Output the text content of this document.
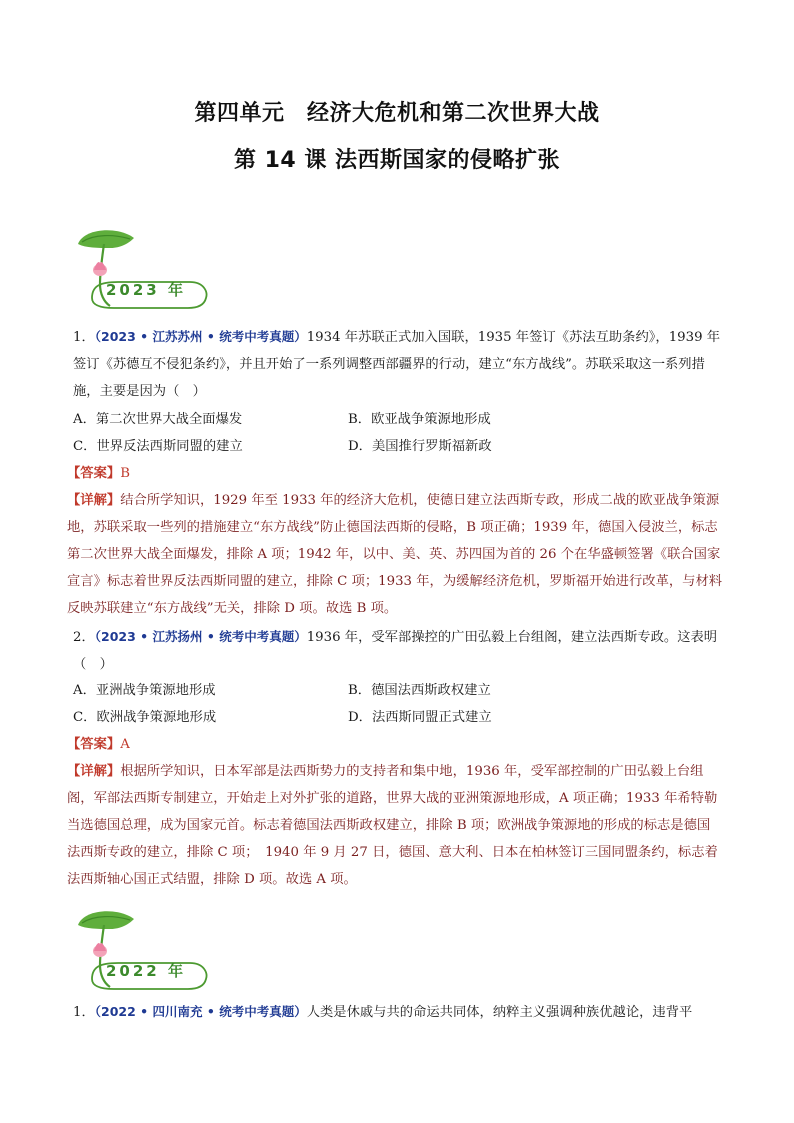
第四单元　经济大危机和第二次世界大战
第 14 课 法西斯国家的侵略扩张
2023 年
1．（2023 • 江苏苏州 • 统考中考真题）1934 年苏联正式加入国联，1935 年签订《苏法互助条约》，1939 年签订《苏德互不侵犯条约》，并且开始了一系列调整西部疆界的行动，建立“东方战线”。苏联采取这一系列措施，主要是因为（　）
A．第二次世界大战全面爆发	B．欧亚战争策源地形成
C．世界反法西斯同盟的建立	D．美国推行罗斯福新政
【答案】B
【详解】结合所学知识，1929 年至 1933 年的经济大危机，使德日建立法西斯专政，形成二战的欧亚战争策源地，苏联采取一些列的措施建立“东方战线”防止德国法西斯的侵略，B 项正确；1939 年，德国入侵波兰，标志第二次世界大战全面爆发，排除 A 项；1942 年，以中、美、英、苏四国为首的 26 个在华盛顿签署《联合国家宣言》标志着世界反法西斯同盟的建立，排除 C 项；1933 年，为缓解经济危机，罗斯福开始进行改革，与材料反映苏联建立“东方战线”无关，排除 D 项。故选 B 项。
2．（2023 • 江苏扬州 • 统考中考真题）1936 年，受军部操控的广田弘毅上台组阁，建立法西斯专政。这表明（　）
A．亚洲战争策源地形成	B．德国法西斯政权建立
C．欧洲战争策源地形成	D．法西斯同盟正式建立
【答案】A
【详解】根据所学知识，日本军部是法西斯势力的支持者和集中地，1936 年，受军部控制的广田弘毅上台组阁，军部法西斯专制建立，开始走上对外扩张的道路，世界大战的亚洲策源地形成，A 项正确；1933 年希特勒当选德国总理，成为国家元首。标志着德国法西斯政权建立，排除 B 项；欧洲战争策源地的形成的标志是德国法西斯专政的建立，排除 C 项；　1940 年 9 月 27 日，德国、意大利、日本在柏林签订三国同盟条约，标志着法西斯轴心国正式结盟，排除 D 项。故选 A 项。
2022 年
1．（2022 • 四川南充 • 统考中考真题）人类是休戚与共的命运共同体，纳粹主义强调种族优越论，违背平
